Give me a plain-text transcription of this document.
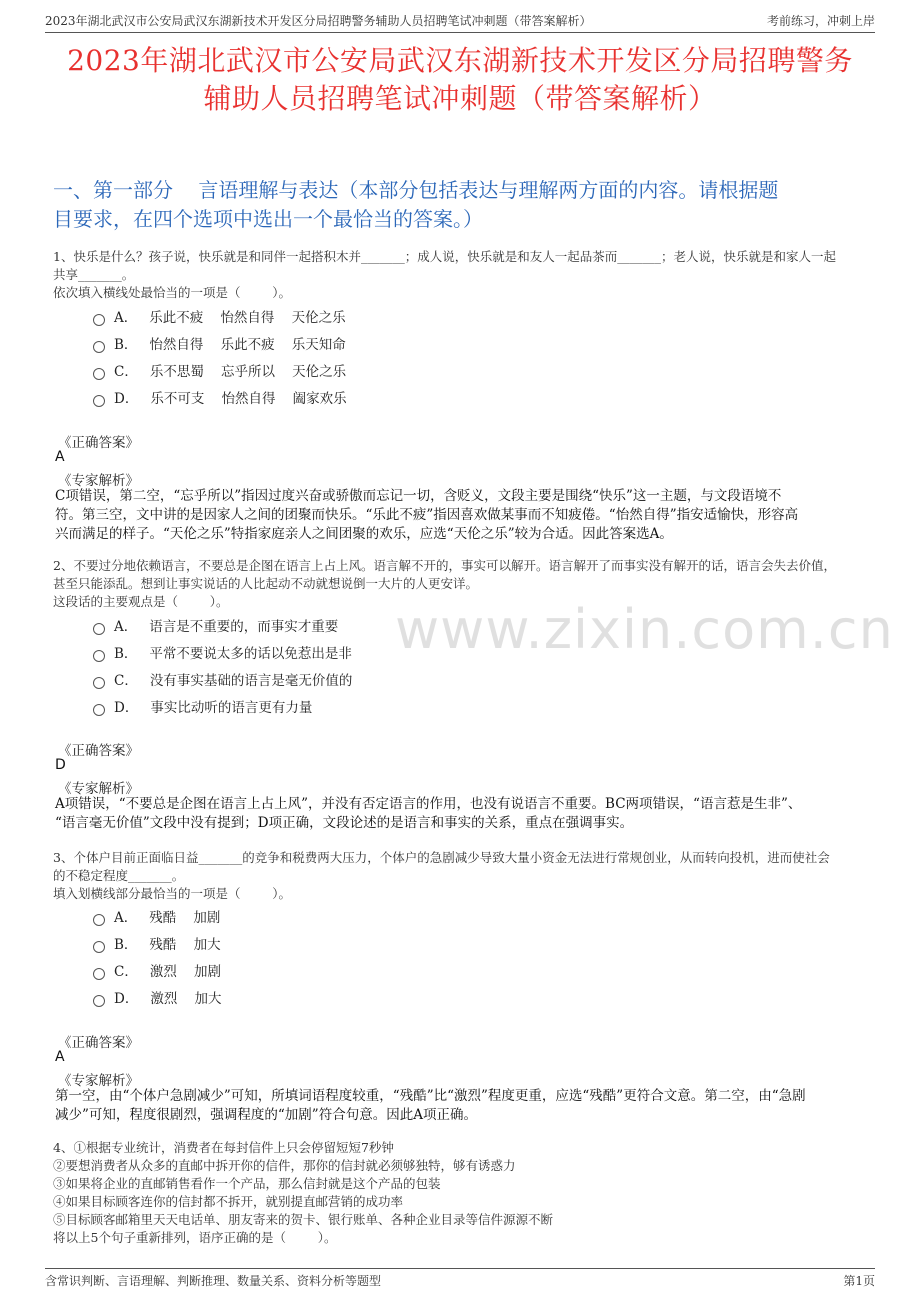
2023年湖北武汉市公安局武汉东湖新技术开发区分局招聘警务辅助人员招聘笔试冲刺题（带答案解析）	考前练习，冲刺上岸
2023年湖北武汉市公安局武汉东湖新技术开发区分局招聘警务
辅助人员招聘笔试冲刺题（带答案解析）
一、第一部分    言语理解与表达（本部分包括表达与理解两方面的内容。请根据题
目要求，在四个选项中选出一个最恰当的答案。）
www.zixin.com.cn

1、快乐是什么？孩子说，快乐就是和同伴一起搭积木并_______；成人说，快乐就是和友人一起品茶而_______；老人说，快乐就是和家人一起

共享_______。

依次填入横线处最恰当的一项是（        ）。

A． 乐此不疲    怡然自得    天伦之乐
B． 怡然自得    乐此不疲    乐天知命
C． 乐不思蜀    忘乎所以    天伦之乐
D． 乐不可支    怡然自得    阖家欢乐
《正确答案》
A
《专家解析》
C项错误，第二空，“忘乎所以”指因过度兴奋或骄傲而忘记一切，含贬义，文段主要是围绕“快乐”这一主题，与文段语境不
符。第三空，文中讲的是因家人之间的团聚而快乐。“乐此不疲”指因喜欢做某事而不知疲倦。“怡然自得”指安适愉快，形容高
兴而满足的样子。“天伦之乐”特指家庭亲人之间团聚的欢乐，应选“天伦之乐”较为合适。因此答案选A。

2、不要过分地依赖语言，不要总是企图在语言上占上风。语言解不开的，事实可以解开。语言解开了而事实没有解开的话，语言会失去价值，

甚至只能添乱。想到让事实说话的人比起动不动就想说倒一大片的人更安详。

这段话的主要观点是（        ）。

A． 语言是不重要的，而事实才重要
B． 平常不要说太多的话以免惹出是非
C． 没有事实基础的语言是毫无价值的
D． 事实比动听的语言更有力量
《正确答案》
D
《专家解析》
A项错误，“不要总是企图在语言上占上风”，并没有否定语言的作用，也没有说语言不重要。BC两项错误，“语言惹是生非”、
“语言毫无价值”文段中没有提到；D项正确，文段论述的是语言和事实的关系，重点在强调事实。

3、个体户目前正面临日益_______的竞争和税费两大压力，个体户的急剧减少导致大量小资金无法进行常规创业，从而转向投机，进而使社会

的不稳定程度_______。

填入划横线部分最恰当的一项是（        ）。

A． 残酷    加剧
B． 残酷    加大
C． 激烈    加剧
D． 激烈    加大
《正确答案》
A
《专家解析》
第一空，由“个体户急剧减少”可知，所填词语程度较重，“残酷”比“激烈”程度更重，应选“残酷”更符合文意。第二空，由“急剧
减少”可知，程度很剧烈，强调程度的“加剧”符合句意。因此A项正确。

4、①根据专业统计，消费者在每封信件上只会停留短短7秒钟

②要想消费者从众多的直邮中拆开你的信件，那你的信封就必须够独特，够有诱惑力

③如果将企业的直邮销售看作一个产品，那么信封就是这个产品的包装

④如果目标顾客连你的信封都不拆开，就别提直邮营销的成功率

⑤目标顾客邮箱里天天电话单、朋友寄来的贺卡、银行账单、各种企业目录等信件源源不断

将以上5个句子重新排列，语序正确的是（        ）。

含常识判断、言语理解、判断推理、数量关系、资料分析等题型	第1页
